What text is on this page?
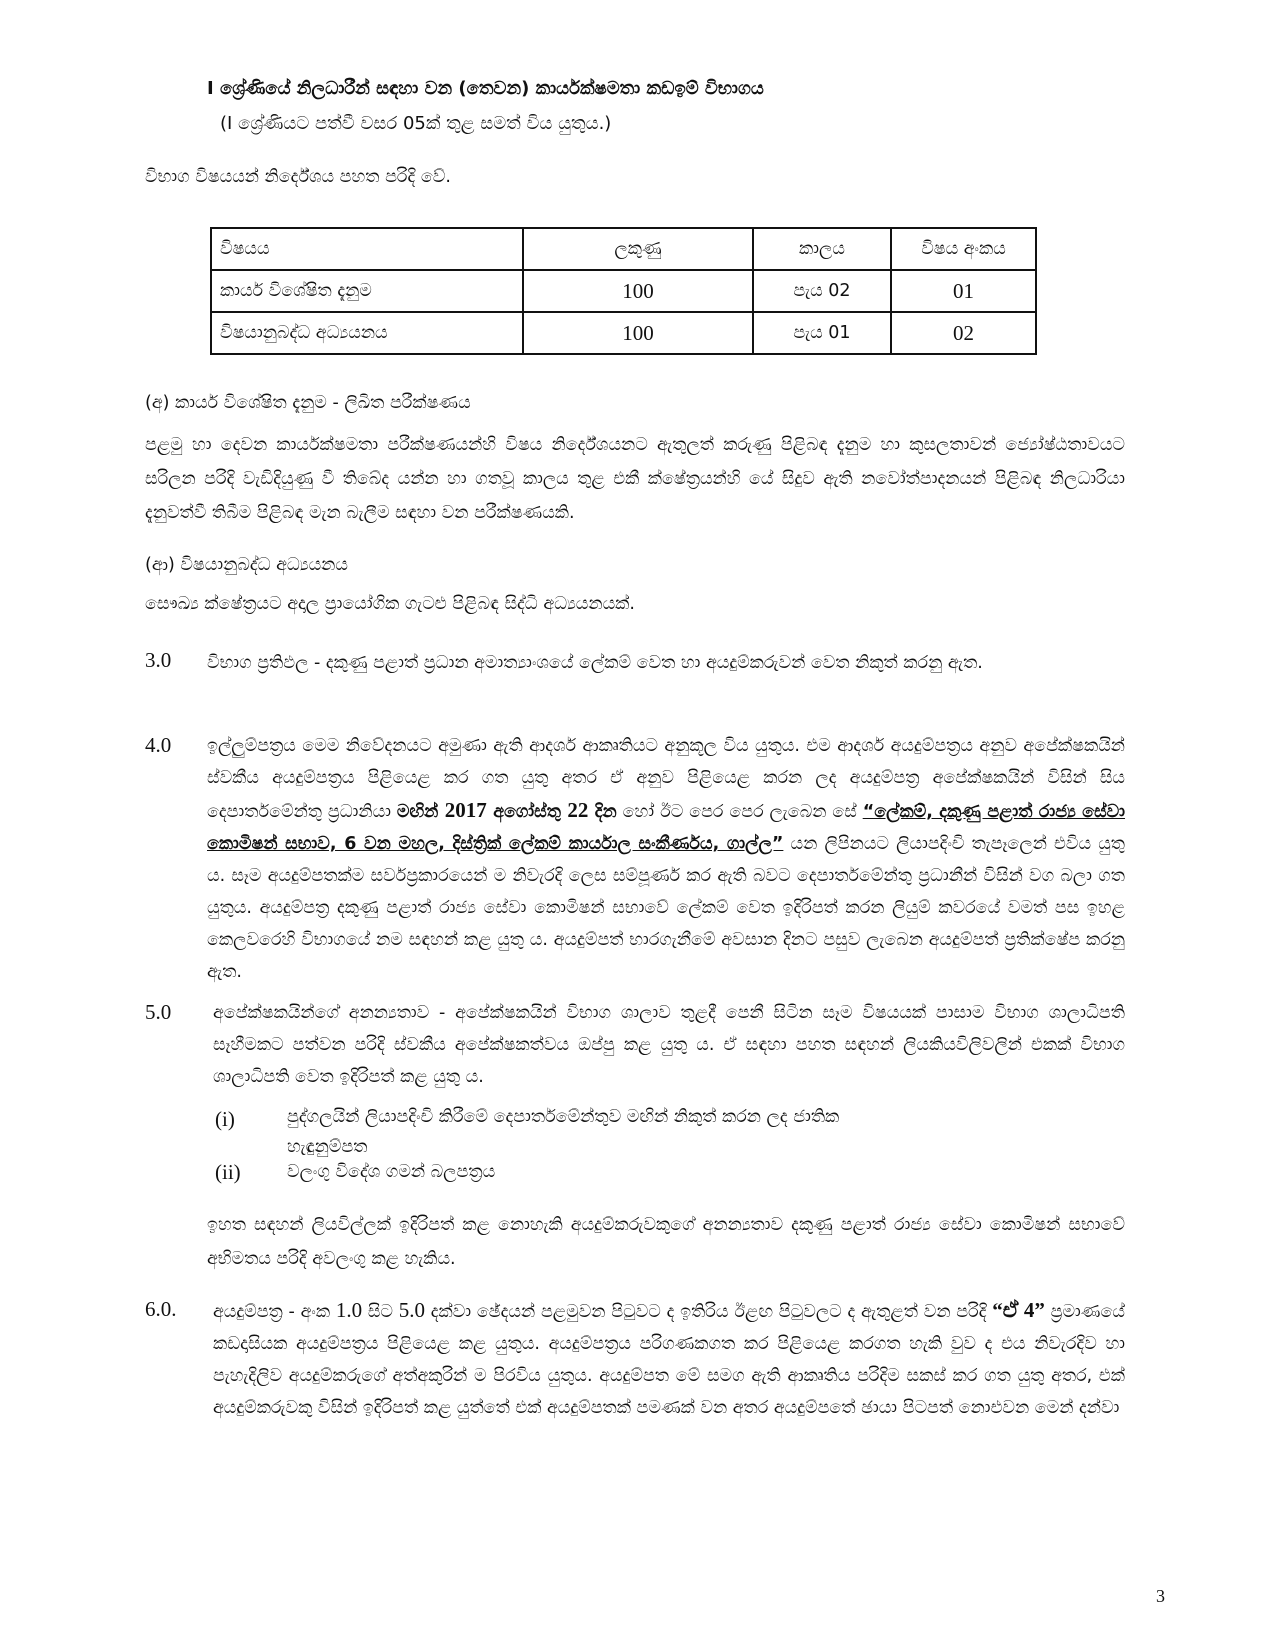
I ශ්‍රේණියේ නිලධාරීන් සඳහා වන (තෙවන) කාර්යක්ෂමතා කඩඉම් විභාගය
(I ශ්‍රේණියට පත්වී වසර 05ක් තුළ සමත් විය යුතුය.)
විභාග විෂයයන් නිර්දේශය පහත පරිදි වේ.
විෂයය	ලකුණු	කාලය	විෂය අංකය
කාර්ය විශේෂිත දැනුම	100	පැය 02	01
විෂයානුබද්ධ අධ්‍යයනය	100	පැය 01	02
(අ) කාර්ය විශේෂිත දැනුම - ලිඛිත පරීක්ෂණය
පළමු හා දෙවන කාර්යක්ෂමතා පරීක්ෂණයන්හි විෂය නිර්දේශයනට ඇතුලත් කරුණු පිළිබඳ දැනුම හා කුසලතාවන් ජ්‍යෝෂ්ඨතාවයට සරිලන පරිදි වැඩිදියුණු වී තිබේද යන්න හා ගතවූ කාලය තුළ එකී ක්ෂේත්‍රයන්හි යේ සිදුව ඇති නවෝත්පාදනයන් පිළිබඳ නිලධාරියා දැනුවත්වී තිබීම පිළිබඳ මැන බැලීම සඳහා වන පරීක්ෂණයකි.
(ආ) විෂයානුබද්ධ අධ්‍යයනය
සෞඛ්‍ය ක්ෂේත්‍රයට අදාල ප්‍රායෝගික ගැටළු පිළිබඳ සිද්ධි අධ්‍යයනයක්.
3.0 විභාග ප්‍රතිඵල - දකුණු පළාත් ප්‍රධාන අමාත්‍යාංශයේ ලේකම් වෙත හා අයදුම්කරුවන් වෙත නිකුත් කරනු ඇත.
4.0 ඉල්ලුම්පත්‍රය මෙම නිවේදනයට අමුණා ඇති ආදර්ශ ආකෘතියට අනුකූල විය යුතුය. එම ආදර්ශ අයදුම්පත්‍රය අනුව අපේක්ෂකයින් ස්වකීය අයදුම්පත්‍රය පිළියෙළ කර ගත යුතු අතර ඒ අනුව පිළියෙළ කරන ලද අයදුම්පත්‍ර අපේක්ෂකයින් විසින් සිය දෙපාර්තමේන්තු ප්‍රධානියා මඟින් 2017 අගෝස්තු 22 දින හෝ ඊට පෙර පෙර ලැබෙන සේ “ලේකම්, දකුණු පළාත් රාජ්‍ය සේවා කොමිෂන් සභාව, 6 වන මහල, දිස්ත්‍රික් ලේකම් කාර්යාල සංකීර්ණය, ගාල්ල” යන ලිපිනයට ලියාපදිංචි තැපෑලෙන් එවිය යුතු ය. සෑම අයදුම්පතක්ම සර්වප්‍රකාරයෙන් ම නිවැරදි ලෙස සම්පූර්ණ කර ඇති බවට දෙපාර්තමේන්තු ප්‍රධානීන් විසින් වග බලා ගත යුතුය. අයදුම්පත්‍ර දකුණු පළාත් රාජ්‍ය සේවා කොමිෂන් සභාවේ ලේකම් වෙත ඉදිරිපත් කරන ලියුම් කවරයේ වමත් පස ඉහළ කෙලවරෙහි විභාගයේ නම සඳහන් කළ යුතු ය. අයදුම්පත් භාරගැනීමේ අවසාන දිනට පසුව ලැබෙන අයදුම්පත් ප්‍රතික්ෂේප කරනු ඇත.
5.0 අපේක්ෂකයින්ගේ අනන්‍යතාව - අපේක්ෂකයින් විභාග ශාලාව තුළදී පෙනී සිටින සෑම විෂයයක් පාසාම විභාග ශාලාධිපති සෑහීමකට පත්වන පරිදි ස්වකීය අපේක්ෂකත්වය ඔප්පු කළ යුතු ය. ඒ සඳහා පහත සඳහන් ලියකියවිලිවලින් එකක් විභාග ශාලාධිපති වෙත ඉදිරිපත් කළ යුතු ය.
(i)	පුද්ගලයින් ලියාපදිංචි කිරීමේ දෙපාර්තමේන්තුව මඟින් නිකුත් කරන ලද ජාතික
හැඳුනුම්පත
(ii)	වලංගු විදේශ ගමන් බලපත්‍රය
ඉහත සඳහන් ලියවිල්ලක් ඉදිරිපත් කළ නොහැකි අයදුම්කරුවකුගේ අනන්‍යතාව දකුණු පළාත් රාජ්‍ය සේවා කොමිෂන් සභාවේ අභිමතය පරිදි අවලංගු කළ හැකිය.
6.0. අයදුම්පත්‍ර - අංක 1.0 සිට 5.0 දක්වා ඡේදයන් පළමුවන පිටුවට ද ඉතිරිය ඊළඟ පිටුවලට ද ඇතුළත් වන පරිදි “ඒ 4” ප්‍රමාණයේ කඩදාසියක අයදුම්පත්‍රය පිළියෙළ කළ යුතුය. අයදුම්පත්‍රය පරිගණකගත කර පිළියෙළ කරගත හැකි වුව ද එය නිවැරදිව හා පැහැදිලිව අයදුම්කරුගේ අත්අකුරින් ම පිරවිය යුතුය. අයදුම්පත මේ සමග ඇති ආකෘතිය පරිදිම සකස් කර ගත යුතු අතර, එක් අයදුම්කරුවකු විසින් ඉදිරිපත් කළ යුත්තේ එක් අයදුම්පතක් පමණක් වන අතර අයදුම්පතේ ඡායා පිටපත් නොඑවන මෙන් දන්වා
3
